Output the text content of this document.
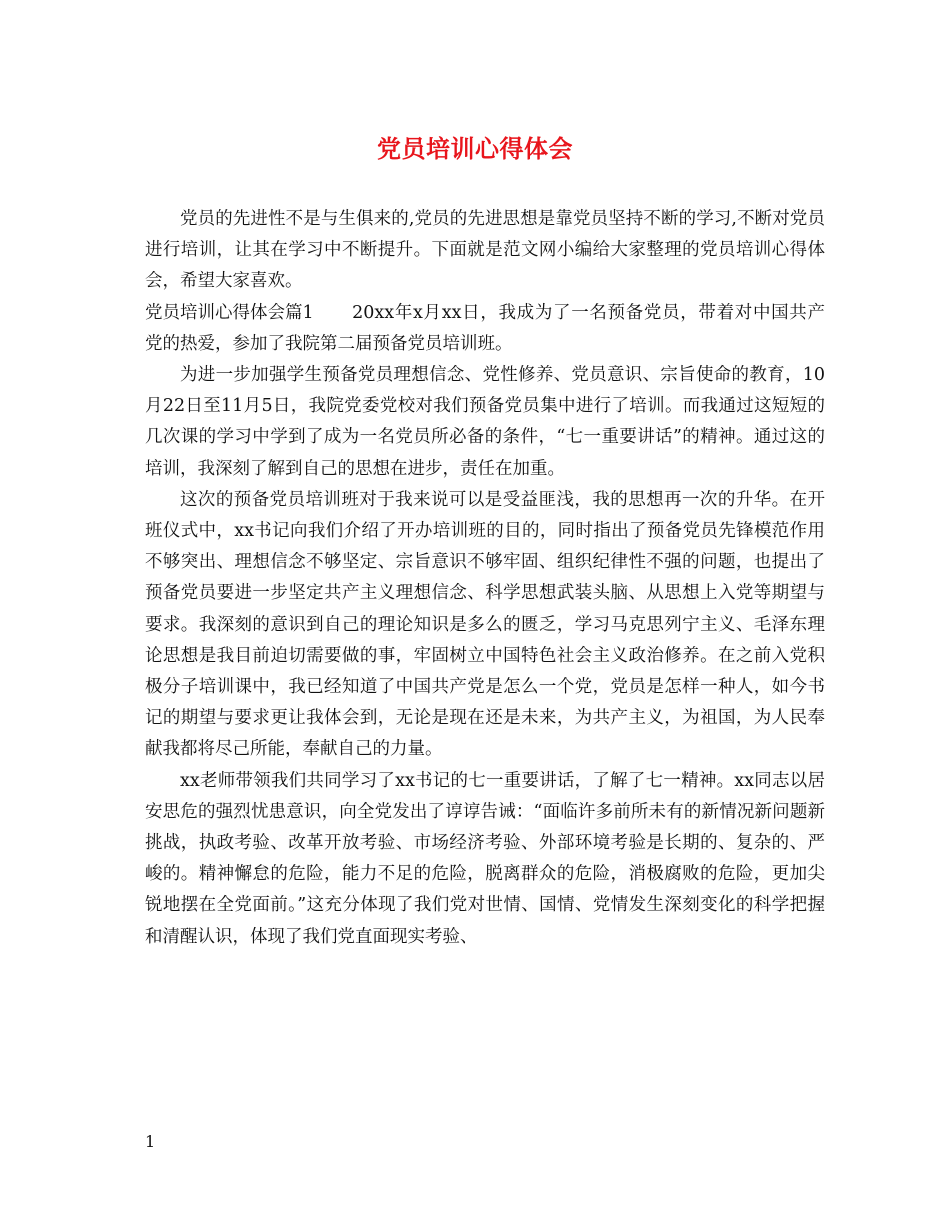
党员培训心得体会

党员的先进性不是与生俱来的,党员的先进思想是靠党员坚持不断的学习,不断对党员进行培训，让其在学习中不断提升。下面就是范文网小编给大家整理的党员培训心得体会，希望大家喜欢。

党员培训心得体会篇1 20xx年x月xx日，我成为了一名预备党员，带着对中国共产党的热爱，参加了我院第二届预备党员培训班。

为进一步加强学生预备党员理想信念、党性修养、党员意识、宗旨使命的教育，10月22日至11月5日，我院党委党校对我们预备党员集中进行了培训。而我通过这短短的几次课的学习中学到了成为一名党员所必备的条件，“七一重要讲话”的精神。通过这的培训，我深刻了解到自己的思想在进步，责任在加重。

这次的预备党员培训班对于我来说可以是受益匪浅，我的思想再一次的升华。在开班仪式中，xx书记向我们介绍了开办培训班的目的，同时指出了预备党员先锋模范作用不够突出、理想信念不够坚定、宗旨意识不够牢固、组织纪律性不强的问题，也提出了预备党员要进一步坚定共产主义理想信念、科学思想武装头脑、从思想上入党等期望与要求。我深刻的意识到自己的理论知识是多么的匮乏，学习马克思列宁主义、毛泽东理论思想是我目前迫切需要做的事，牢固树立中国特色社会主义政治修养。在之前入党积极分子培训课中，我已经知道了中国共产党是怎么一个党，党员是怎样一种人，如今书记的期望与要求更让我体会到，无论是现在还是未来，为共产主义，为祖国，为人民奉献我都将尽己所能，奉献自己的力量。

xx老师带领我们共同学习了xx书记的七一重要讲话，了解了七一精神。xx同志以居安思危的强烈忧患意识，向全党发出了谆谆告诫：“面临许多前所未有的新情况新问题新挑战，执政考验、改革开放考验、市场经济考验、外部环境考验是长期的、复杂的、严峻的。精神懈怠的危险，能力不足的危险，脱离群众的危险，消极腐败的危险，更加尖锐地摆在全党面前。”这充分体现了我们党对世情、国情、党情发生深刻变化的科学把握和清醒认识，体现了我们党直面现实考验、

1
